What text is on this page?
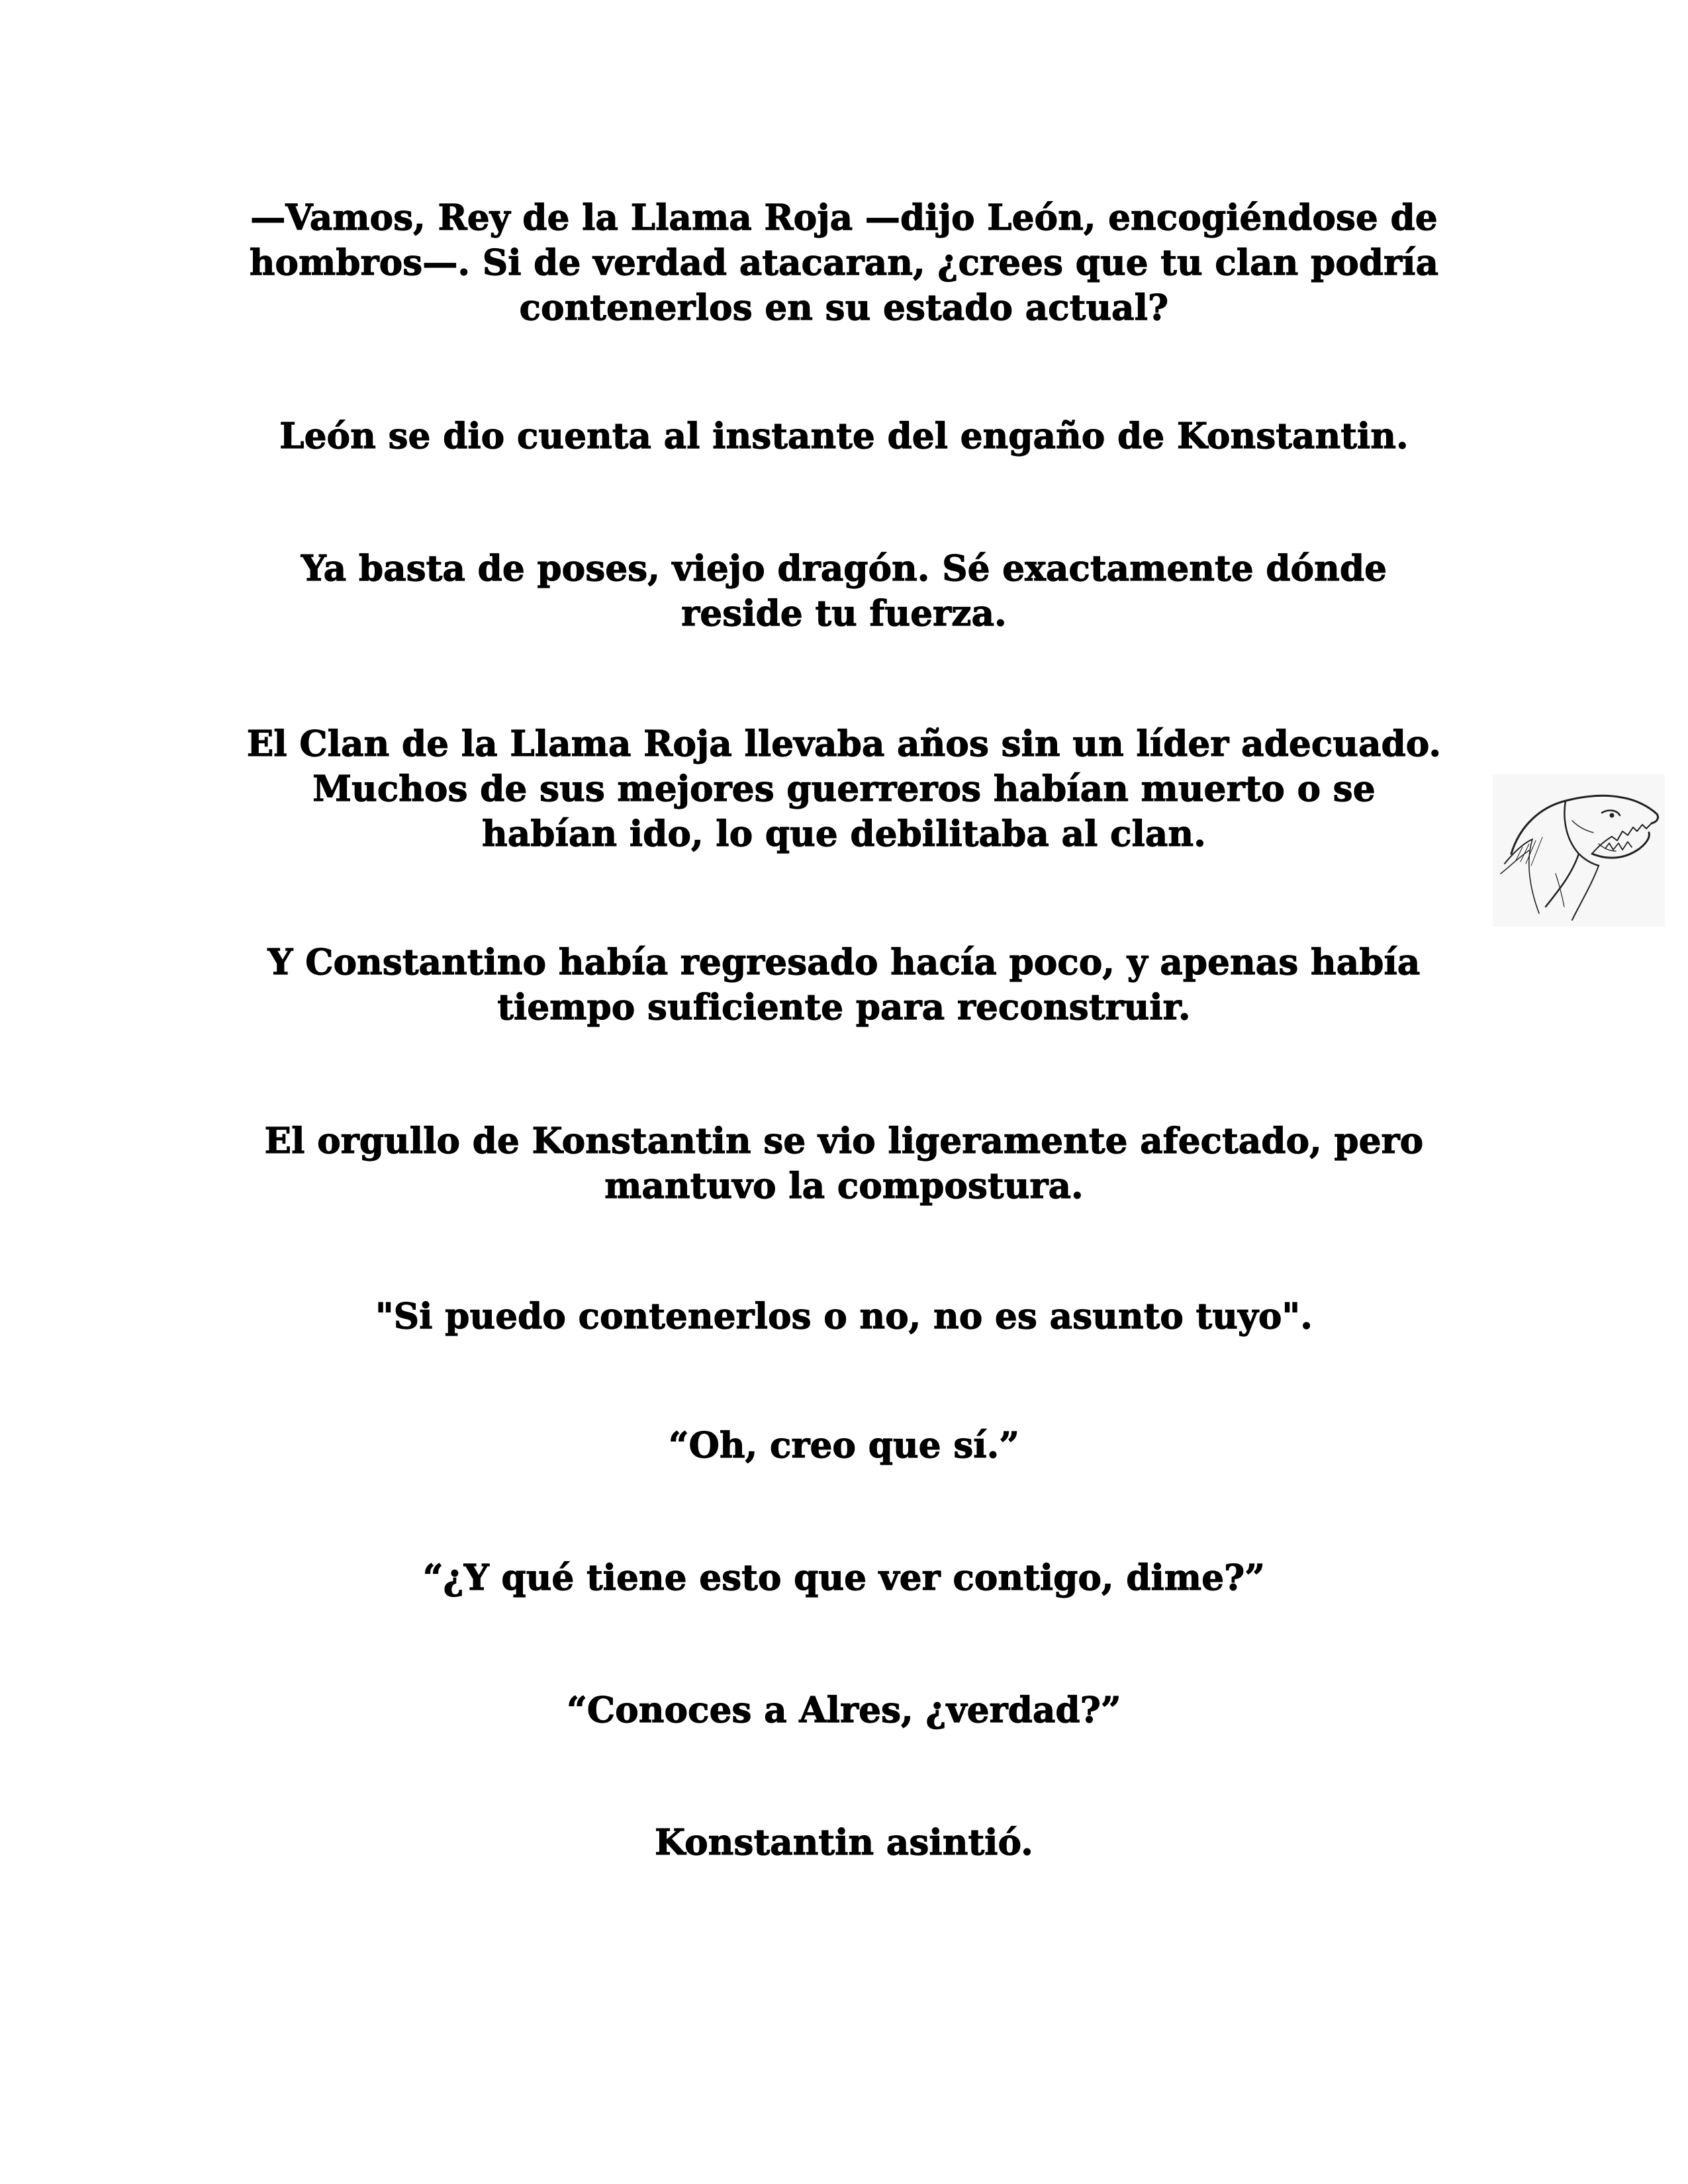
—Vamos, Rey de la Llama Roja —dijo León, encogiéndose de hombros—. Si de verdad atacaran, ¿crees que tu clan podría contenerlos en su estado actual?

León se dio cuenta al instante del engaño de Konstantin.

Ya basta de poses, viejo dragón. Sé exactamente dónde reside tu fuerza.

El Clan de la Llama Roja llevaba años sin un líder adecuado. Muchos de sus mejores guerreros habían muerto o se habían ido, lo que debilitaba al clan.

Y Constantino había regresado hacía poco, y apenas había tiempo suficiente para reconstruir.

El orgullo de Konstantin se vio ligeramente afectado, pero mantuvo la compostura.

"Si puedo contenerlos o no, no es asunto tuyo".

“Oh, creo que sí.”

“¿Y qué tiene esto que ver contigo, dime?”

“Conoces a Alres, ¿verdad?”

Konstantin asintió.
